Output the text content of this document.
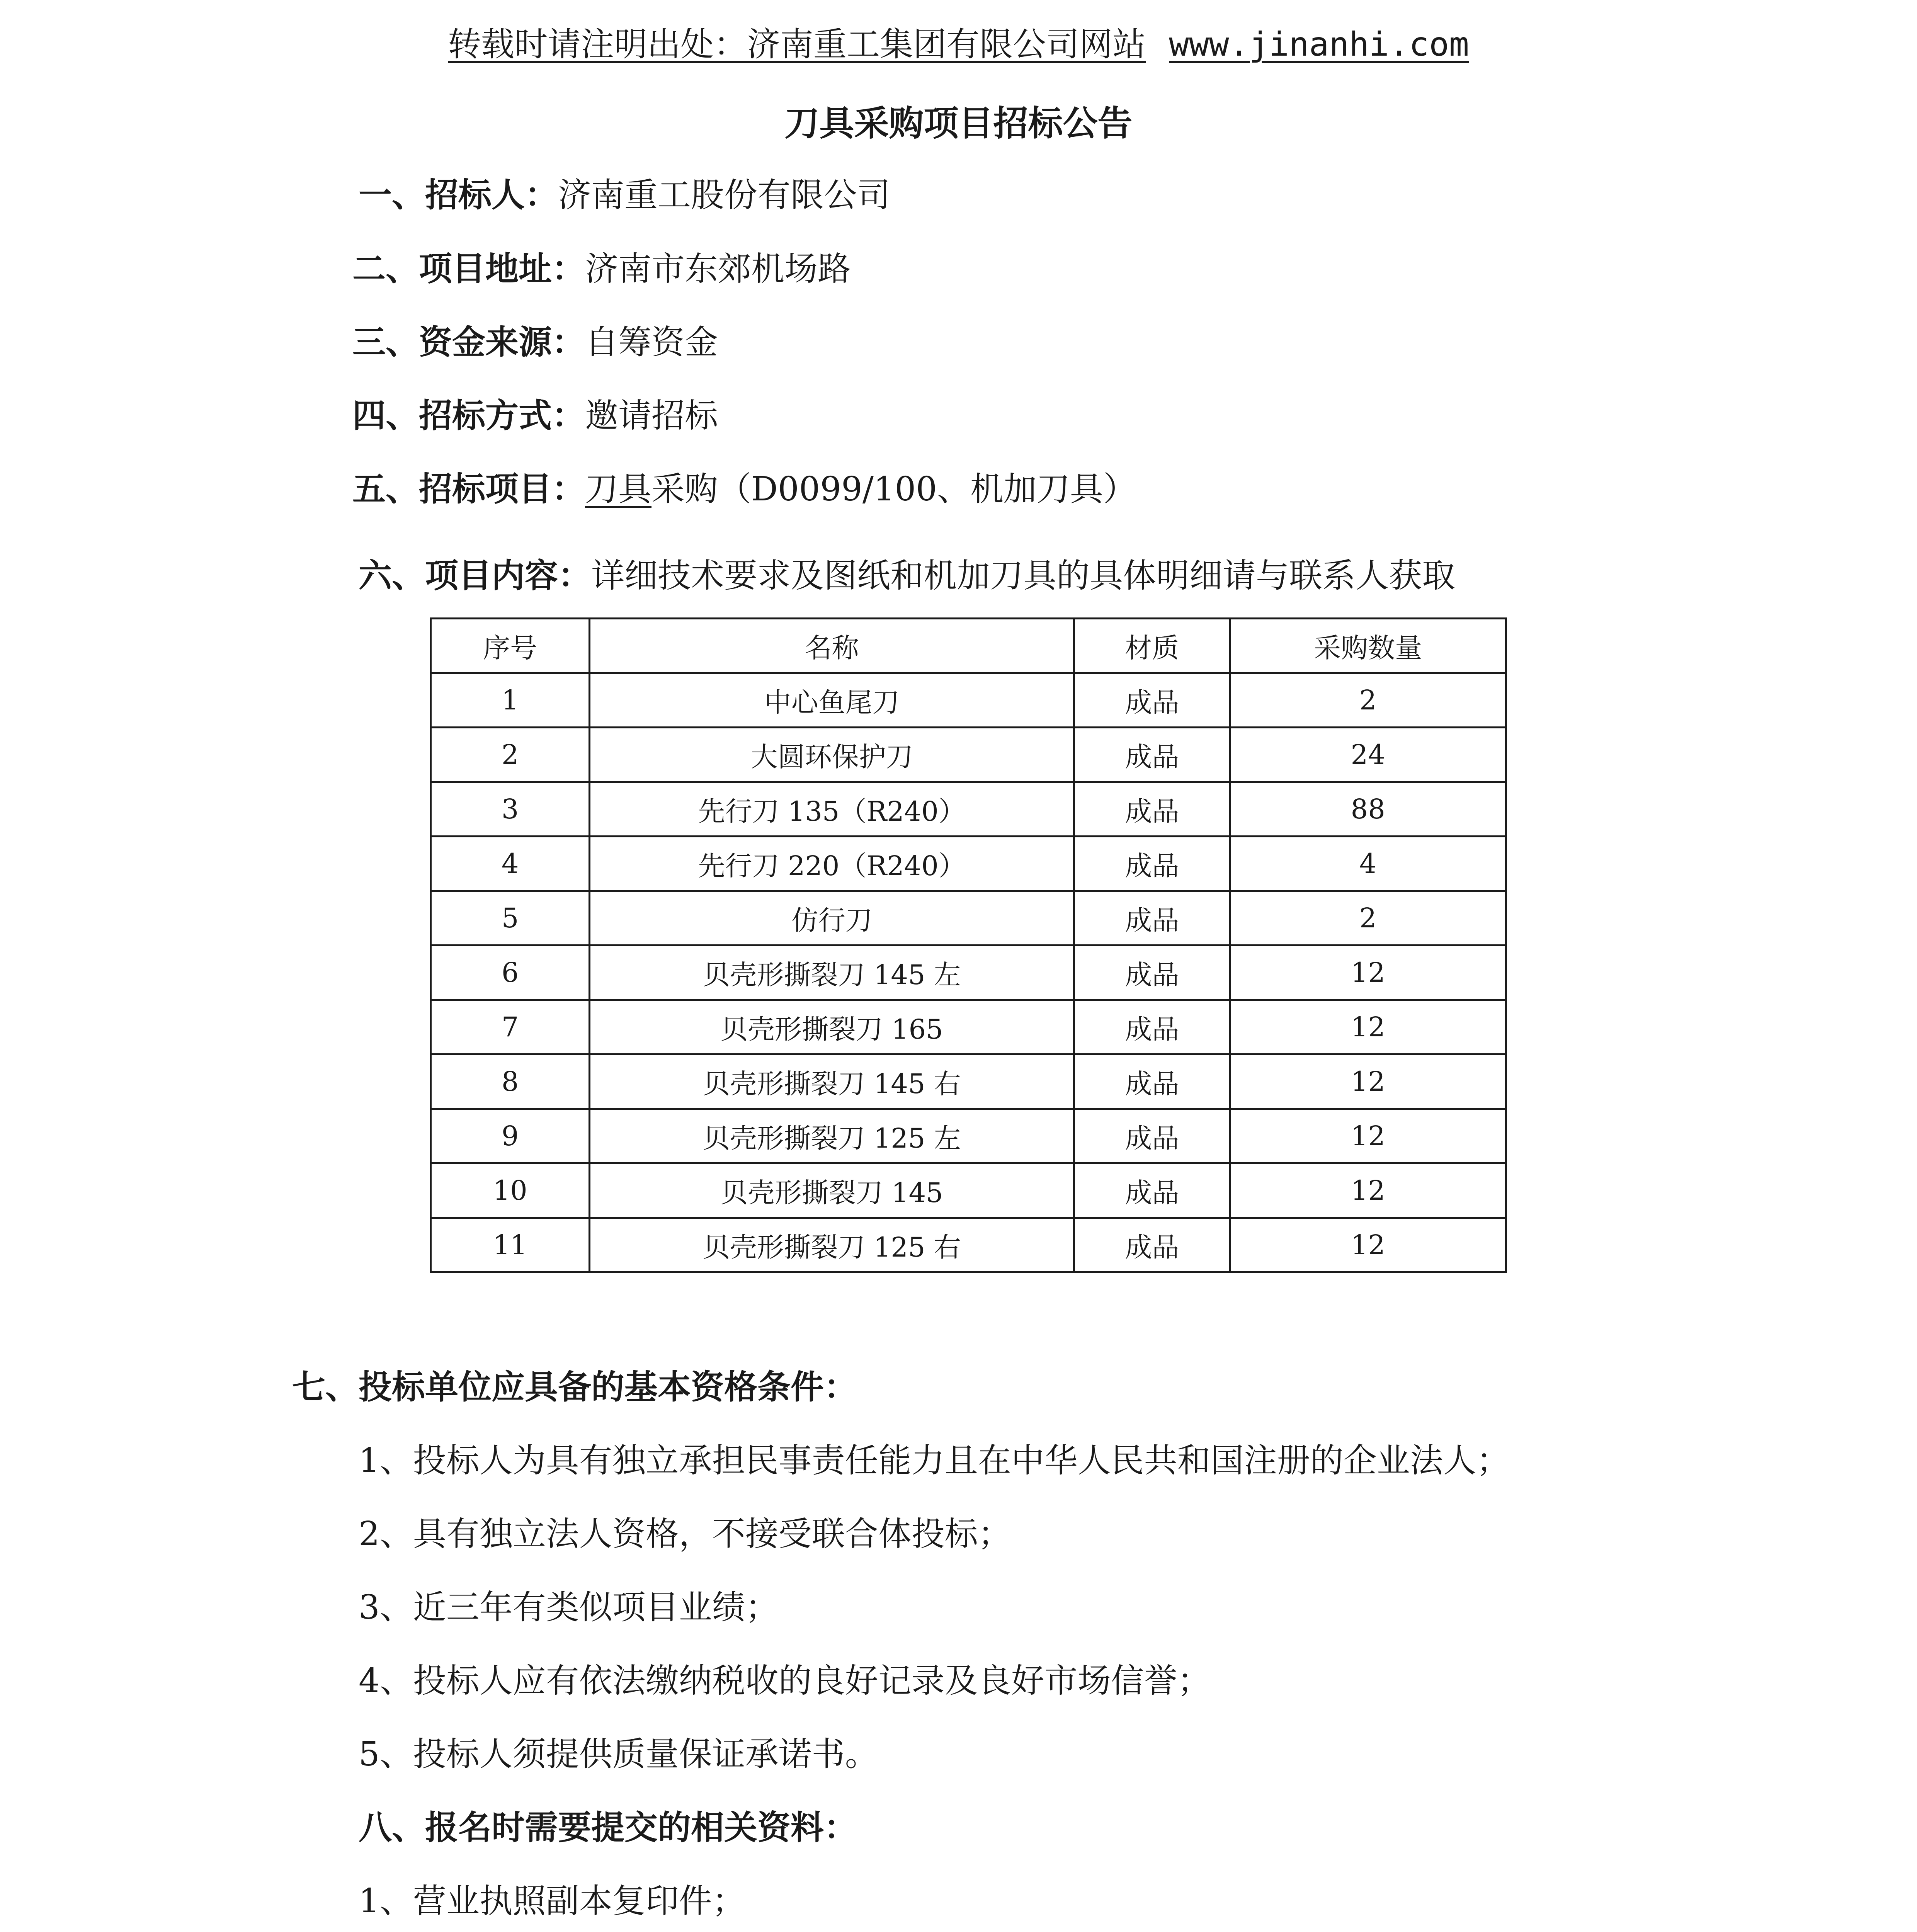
转载时请注明出处：济南重工集团有限公司网站 www.jinanhi.com
刀具采购项目招标公告
一、招标人：济南重工股份有限公司
二、项目地址：济南市东郊机场路
三、资金来源：自筹资金
四、招标方式：邀请招标
五、招标项目：刀具采购（D0099/100、机加刀具）
六、项目内容：详细技术要求及图纸和机加刀具的具体明细请与联系人获取
序号	名称	材质	采购数量
1	中心鱼尾刀	成品	2
2	大圆环保护刀	成品	24
3	先行刀 135（R240）	成品	88
4	先行刀 220（R240）	成品	4
5	仿行刀	成品	2
6	贝壳形撕裂刀 145 左	成品	12
7	贝壳形撕裂刀 165	成品	12
8	贝壳形撕裂刀 145 右	成品	12
9	贝壳形撕裂刀 125 左	成品	12
10	贝壳形撕裂刀 145	成品	12
11	贝壳形撕裂刀 125 右	成品	12
七、投标单位应具备的基本资格条件：
1、投标人为具有独立承担民事责任能力且在中华人民共和国注册的企业法人；
2、具有独立法人资格，不接受联合体投标；
3、近三年有类似项目业绩；
4、投标人应有依法缴纳税收的良好记录及良好市场信誉；
5、投标人须提供质量保证承诺书。
八、报名时需要提交的相关资料：
1、营业执照副本复印件；
